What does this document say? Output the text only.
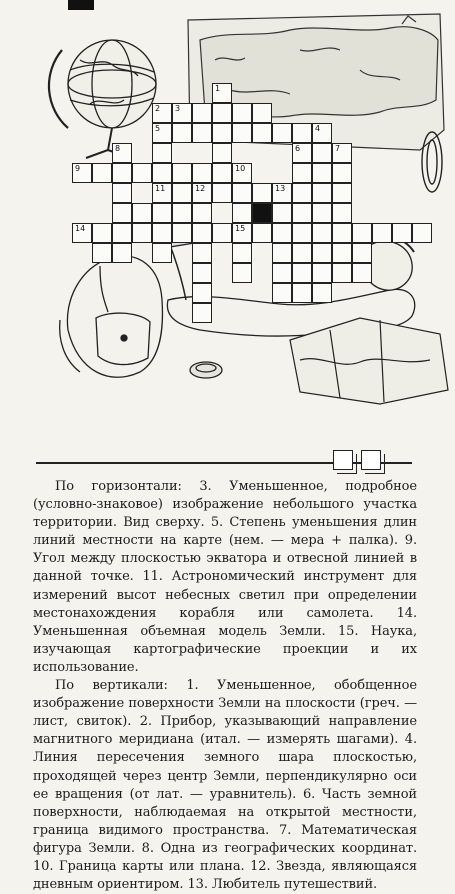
3
5	4
9	10
11	12	13
14	15
1
2
6	7
8

По горизонтали: 3. Уменьшенное, подробное (условно-знаковое) изображение небольшого участка территории. Вид сверху. 5. Степень уменьшения длин линий местности на карте (нем. — мера + палка). 9. Угол между плоскостью экватора и отвесной линией в данной точке. 11. Астрономический инструмент для измерений высот небесных светил при определении местонахождения корабля или самолета. 14. Уменьшенная объемная модель Земли. 15. Наука, изучающая картографические проекции и их использование.

По вертикали: 1. Уменьшенное, обобщенное изображение поверхности Земли на плоскости (греч. — лист, свиток). 2. Прибор, указывающий направление магнитного меридиана (итал. — измерять шагами). 4. Линия пересечения земного шара плоскостью, проходящей через центр Земли, перпендикулярно оси ее вращения (от лат. — уравнитель). 6. Часть земной поверхности, наблюдаемая на открытой местности, граница видимого пространства. 7. Математическая фигура Земли. 8. Одна из географических координат. 10. Граница карты или плана. 12. Звезда, являющаяся дневным ориентиром. 13. Любитель путешествий.
